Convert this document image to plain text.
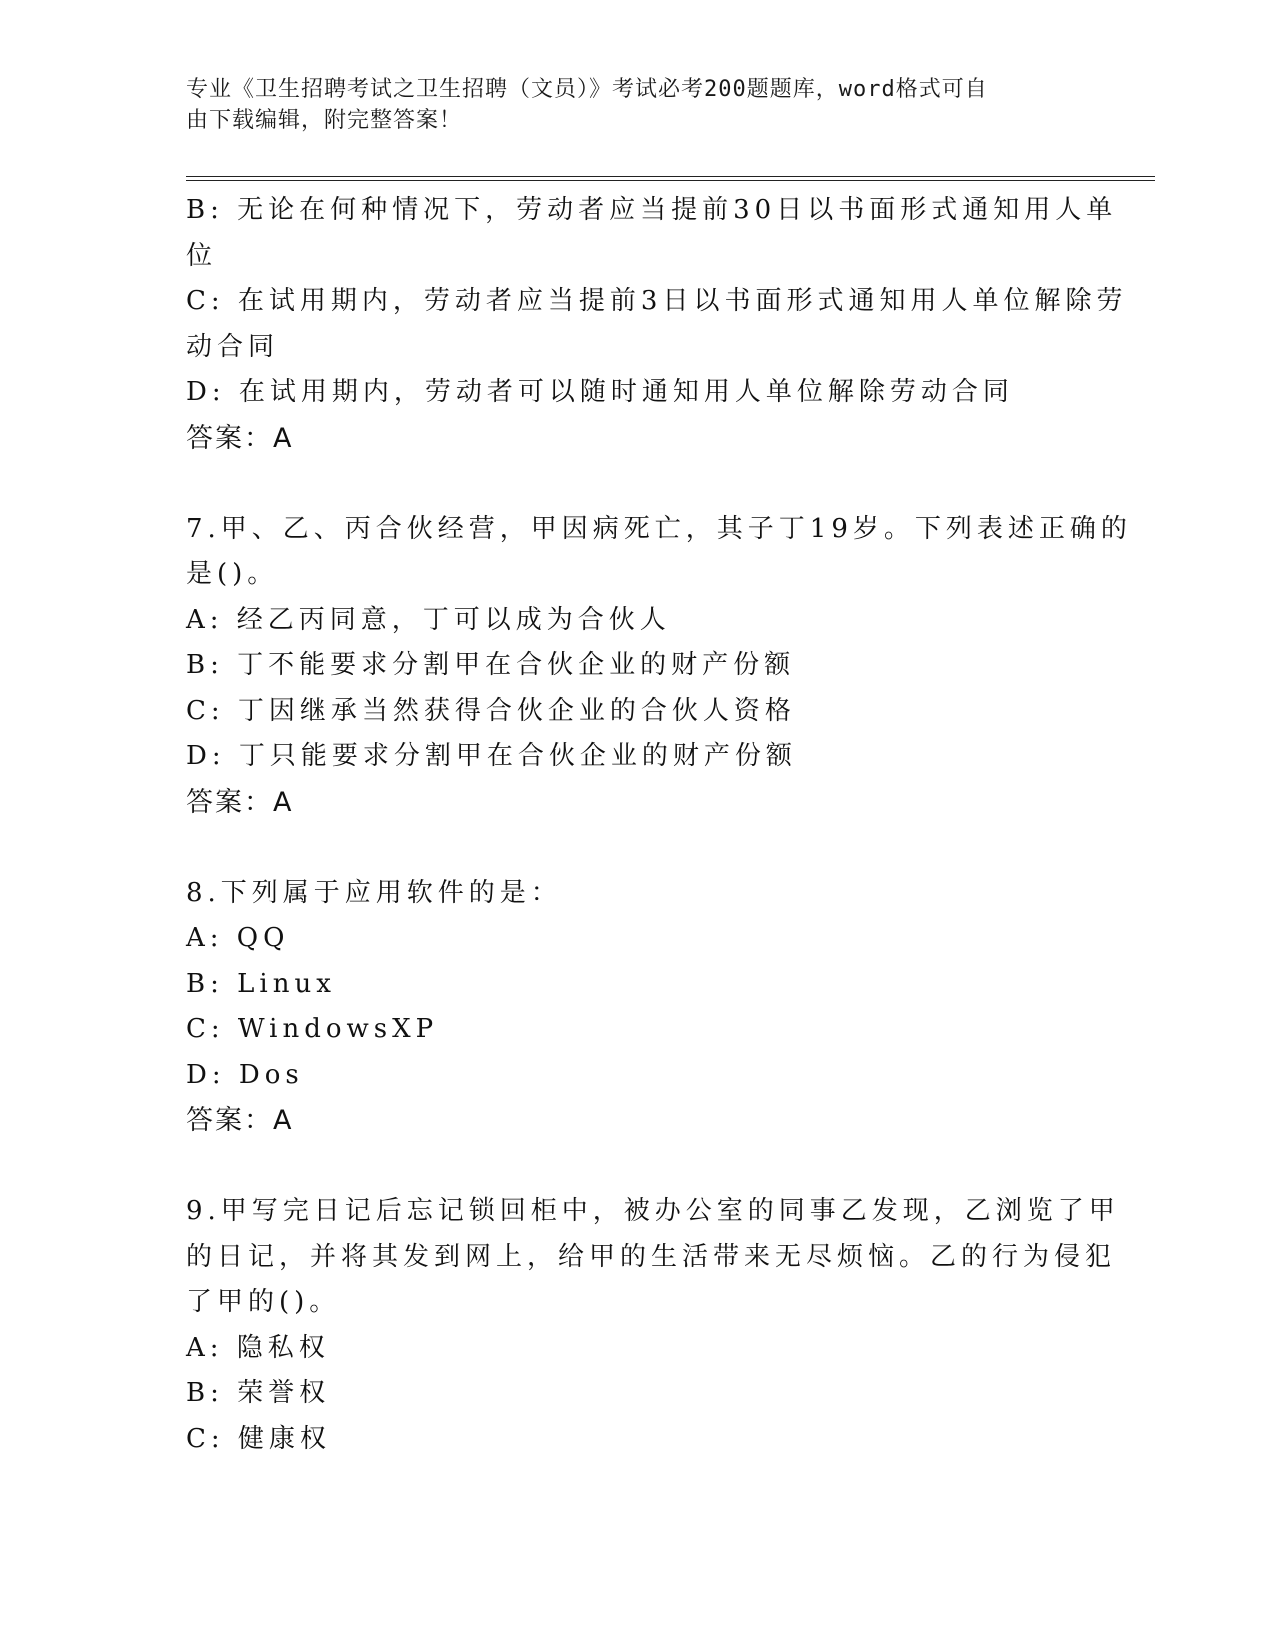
专业《卫生招聘考试之卫生招聘（文员）》考试必考200题题库，word格式可自
由下载编辑，附完整答案！
B: 无论在何种情况下，劳动者应当提前30日以书面形式通知用人单
位
C: 在试用期内，劳动者应当提前3日以书面形式通知用人单位解除劳
动合同
D: 在试用期内，劳动者可以随时通知用人单位解除劳动合同
答案：A
7.甲、乙、丙合伙经营，甲因病死亡，其子丁19岁。下列表述正确的
是()。
A: 经乙丙同意，丁可以成为合伙人
B: 丁不能要求分割甲在合伙企业的财产份额
C: 丁因继承当然获得合伙企业的合伙人资格
D: 丁只能要求分割甲在合伙企业的财产份额
答案：A
8.下列属于应用软件的是：
A: QQ
B: Linux
C: WindowsXP
D: Dos
答案：A
9.甲写完日记后忘记锁回柜中，被办公室的同事乙发现，乙浏览了甲
的日记，并将其发到网上，给甲的生活带来无尽烦恼。乙的行为侵犯
了甲的()。
A: 隐私权
B: 荣誉权
C: 健康权
